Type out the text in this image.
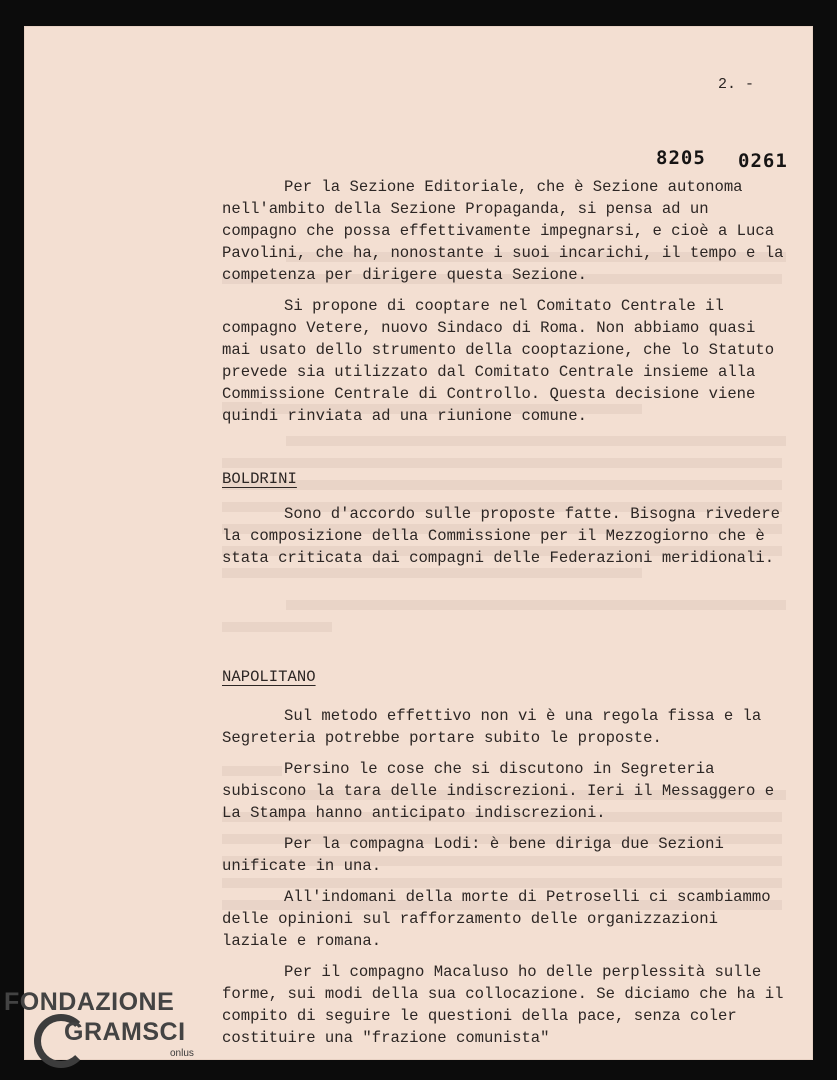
2. -
8205 0261

Per la Sezione Editoriale, che è Sezione autonoma nell'ambito della Sezione Propaganda, si pensa ad un compagno che possa effettivamente impegnarsi, e cioè a Luca Pavolini, che ha, nonostante i suoi incarichi, il tempo e la competenza per dirigere questa Sezione.

Si propone di cooptare nel Comitato Centrale il compagno Vetere, nuovo Sindaco di Roma. Non abbiamo quasi mai usato dello strumento della cooptazione, che lo Statuto prevede sia utilizzato dal Comitato Centrale insieme alla Commissione Centrale di Controllo. Questa decisione viene quindi rinviata ad una riunione comune.

BOLDRINI

Sono d'accordo sulle proposte fatte. Bisogna rivedere la composizione della Commissione per il Mezzogiorno che è stata criticata dai compagni delle Federazioni meridionali.

NAPOLITANO

Sul metodo effettivo non vi è una regola fissa e la Segreteria potrebbe portare subito le proposte.

Persino le cose che si discutono in Segreteria subiscono la tara delle indiscrezioni. Ieri il Messaggero e La Stampa hanno anticipato indiscrezioni.

Per la compagna Lodi: è bene diriga due Sezioni unificate in una.

All'indomani della morte di Petroselli ci scambiammo delle opinioni sul rafforzamento delle organizzazioni laziale e romana.

Per il compagno Macaluso ho delle perplessità sulle forme, sui modi della sua collocazione. Se diciamo che ha il compito di seguire le questioni della pace, senza coler costituire una "frazione comunista"

FONDAZIONE
GRAMSCI
onlus
